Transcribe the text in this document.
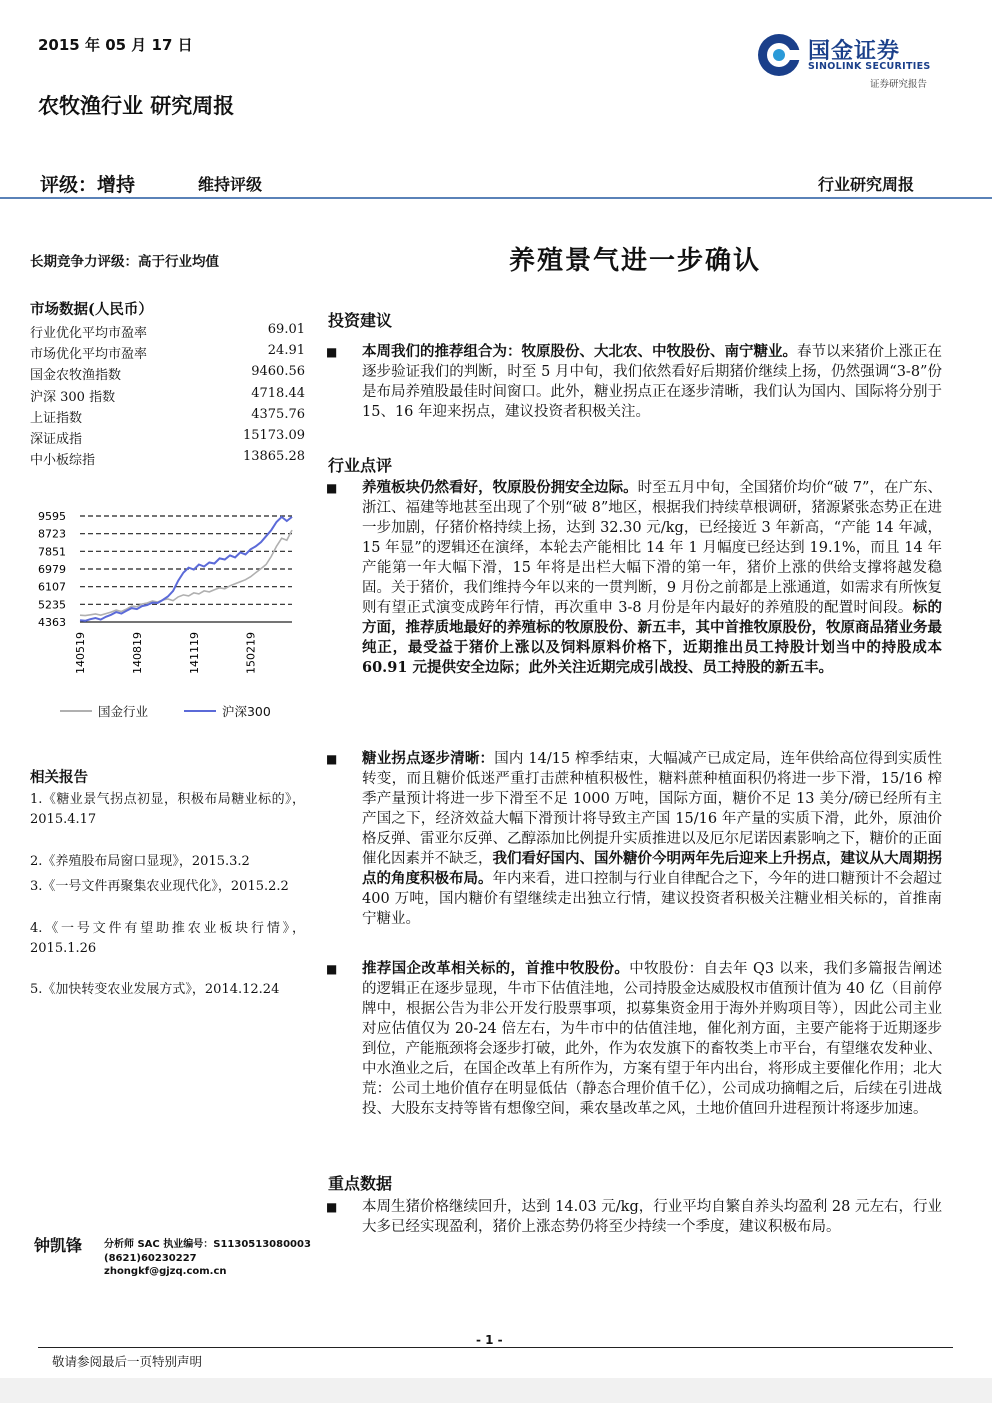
2015 年 05 月 17 日	国金证券
SINOLINK SECURITIES
证券研究报告
农牧渔行业 研究周报
评级：增持	维持评级	行业研究周报
长期竞争力评级：高于行业均值
市场数据(人民币）
行业优化平均市盈率	69.01
市场优化平均市盈率	24.91
国金农牧渔指数	9460.56
沪深 300 指数	4718.44
上证指数	4375.76
深证成指	15173.09
中小板综指	13865.28
9595
8723
7851
6979
6107
5235
4363
140519	140819	141119	150219
国金行业	沪深300
相关报告
1.《糖业景气拐点初显，积极布局糖业标的》，2015.4.17
2.《养殖股布局窗口显现》，2015.3.2
3.《一号文件再聚集农业现代化》，2015.2.2
4.《一号文件有望助推农业板块行情》，2015.1.26
5.《加快转变农业发展方式》，2014.12.24
钟凯锋 分析师 SAC 执业编号：S1130513080003
(8621)60230227
zhongkf@gjzq.com.cn
养殖景气进一步确认
投资建议
■ 本周我们的推荐组合为：牧原股份、大北农、中牧股份、南宁糖业。春节以来猪价上涨正在逐步验证我们的判断，时至 5 月中旬，我们依然看好后期猪价继续上扬，仍然强调“3-8”份是布局养殖股最佳时间窗口。此外，糖业拐点正在逐步清晰，我们认为国内、国际将分别于 15、16 年迎来拐点，建议投资者积极关注。
行业点评
■ 养殖板块仍然看好，牧原股份拥安全边际。时至五月中旬，全国猪价均价“破 7”，在广东、浙江、福建等地甚至出现了个别“破 8”地区，根据我们持续草根调研，猪源紧张态势正在进一步加剧，仔猪价格持续上扬，达到 32.30 元/kg，已经接近 3 年新高，“产能 14 年减，15 年显”的逻辑还在演绎，本轮去产能相比 14 年 1 月幅度已经达到 19.1%，而且 14 年产能第一年大幅下滑，15 年将是出栏大幅下滑的第一年，猪价上涨的供给支撑将越发稳固。关于猪价，我们维持今年以来的一贯判断，9 月份之前都是上涨通道，如需求有所恢复则有望正式演变成跨年行情，再次重申 3-8 月份是年内最好的养殖股的配置时间段。标的方面，推荐质地最好的养殖标的牧原股份、新五丰，其中首推牧原股份，牧原商品猪业务最纯正，最受益于猪价上涨以及饲料原料价格下，近期推出员工持股计划当中的持股成本 60.91 元提供安全边际；此外关注近期完成引战投、员工持股的新五丰。
■ 糖业拐点逐步清晰：国内 14/15 榨季结束，大幅减产已成定局，连年供给高位得到实质性转变，而且糖价低迷严重打击蔗种植积极性，糖料蔗种植面积仍将进一步下滑，15/16 榨季产量预计将进一步下滑至不足 1000 万吨，国际方面，糖价不足 13 美分/磅已经所有主产国之下，经济效益大幅下滑预计将导致主产国 15/16 年产量的实质下滑，此外，原油价格反弹、雷亚尔反弹、乙醇添加比例提升实质推进以及厄尔尼诺因素影响之下，糖价的正面催化因素并不缺乏，我们看好国内、国外糖价今明两年先后迎来上升拐点，建议从大周期拐点的角度积极布局。年内来看，进口控制与行业自律配合之下，今年的进口糖预计不会超过 400 万吨，国内糖价有望继续走出独立行情，建议投资者积极关注糖业相关标的，首推南宁糖业。
■ 推荐国企改革相关标的，首推中牧股份。中牧股份：自去年 Q3 以来，我们多篇报告阐述的逻辑正在逐步显现，牛市下估值洼地，公司持股金达威股权市值预计值为 40 亿（目前停牌中，根据公告为非公开发行股票事项，拟募集资金用于海外并购项目等），因此公司主业对应估值仅为 20-24 倍左右，为牛市中的估值洼地，催化剂方面，主要产能将于近期逐步到位，产能瓶颈将会逐步打破，此外，作为农发旗下的畜牧类上市平台，有望继农发种业、中水渔业之后，在国企改革上有所作为，方案有望于年内出台，将形成主要催化作用；北大荒：公司土地价值存在明显低估（静态合理价值千亿），公司成功摘帽之后，后续在引进战投、大股东支持等皆有想像空间，乘农垦改革之风，土地价值回升进程预计将逐步加速。
重点数据
■ 本周生猪价格继续回升，达到 14.03 元/kg，行业平均自繁自养头均盈利 28 元左右，行业大多已经实现盈利，猪价上涨态势仍将至少持续一个季度，建议积极布局。
- 1 -
敬请参阅最后一页特别声明
